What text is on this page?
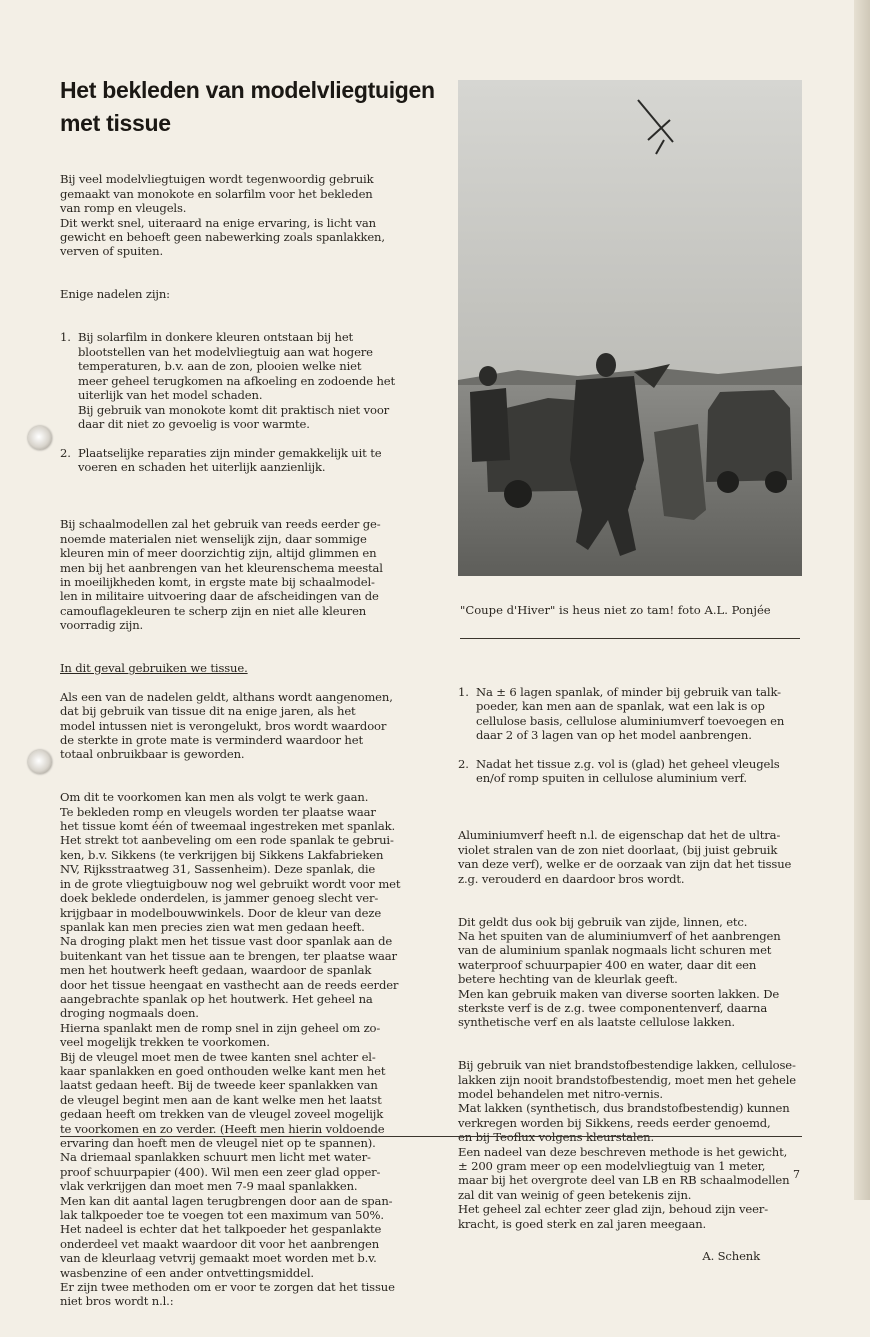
Het bekleden van modelvliegtuigen met tissue

Bij veel modelvliegtuigen wordt tegenwoordig gebruik
gemaakt van monokote en solarfilm voor het bekleden
van romp en vleugels.
Dit werkt snel, uiteraard na enige ervaring, is licht van
gewicht en behoeft geen nabewerking zoals spanlakken,
verven of spuiten.

Enige nadelen zijn:

1. Bij solarfilm in donkere kleuren ontstaan bij het
blootstellen van het modelvliegtuig aan wat hogere
temperaturen, b.v. aan de zon, plooien welke niet
meer geheel terugkomen na afkoeling en zodoende het
uiterlijk van het model schaden.
Bij gebruik van monokote komt dit praktisch niet voor
daar dit niet zo gevoelig is voor warmte.

2. Plaatselijke reparaties zijn minder gemakkelijk uit te
voeren en schaden het uiterlijk aanzienlijk.

Bij schaalmodellen zal het gebruik van reeds eerder ge-
noemde materialen niet wenselijk zijn, daar sommige
kleuren min of meer doorzichtig zijn, altijd glimmen en
men bij het aanbrengen van het kleurenschema meestal
in moeilijkheden komt, in ergste mate bij schaalmodel-
len in militaire uitvoering daar de afscheidingen van de
camouflagekleuren te scherp zijn en niet alle kleuren
voorradig zijn.

In dit geval gebruiken we tissue.

Als een van de nadelen geldt, althans wordt aangenomen,
dat bij gebruik van tissue dit na enige jaren, als het
model intussen niet is verongelukt, bros wordt waardoor
de sterkte in grote mate is verminderd waardoor het
totaal onbruikbaar is geworden.

Om dit te voorkomen kan men als volgt te werk gaan.
Te bekleden romp en vleugels worden ter plaatse waar
het tissue komt één of tweemaal ingestreken met spanlak.
Het strekt tot aanbeveling om een rode spanlak te gebrui-
ken, b.v. Sikkens (te verkrijgen bij Sikkens Lakfabrieken
NV, Rijksstraatweg 31, Sassenheim). Deze spanlak, die
in de grote vliegtuigbouw nog wel gebruikt wordt voor met
doek beklede onderdelen, is jammer genoeg slecht ver-
krijgbaar in modelbouwwinkels. Door de kleur van deze
spanlak kan men precies zien wat men gedaan heeft.
Na droging plakt men het tissue vast door spanlak aan de
buitenkant van het tissue aan te brengen, ter plaatse waar
men het houtwerk heeft gedaan, waardoor de spanlak
door het tissue heengaat en vasthecht aan de reeds eerder
aangebrachte spanlak op het houtwerk. Het geheel na
droging nogmaals doen.
Hierna spanlakt men de romp snel in zijn geheel om zo-
veel mogelijk trekken te voorkomen.
Bij de vleugel moet men de twee kanten snel achter el-
kaar spanlakken en goed onthouden welke kant men het
laatst gedaan heeft. Bij de tweede keer spanlakken van
de vleugel begint men aan de kant welke men het laatst
gedaan heeft om trekken van de vleugel zoveel mogelijk
te voorkomen en zo verder. (Heeft men hierin voldoende
ervaring dan hoeft men de vleugel niet op te spannen).
Na driemaal spanlakken schuurt men licht met water-
proof schuurpapier (400). Wil men een zeer glad opper-
vlak verkrijgen dan moet men 7-9 maal spanlakken.
Men kan dit aantal lagen terugbrengen door aan de span-
lak talkpoeder toe te voegen tot een maximum van 50%.
Het nadeel is echter dat het talkpoeder het gespanlakte
onderdeel vet maakt waardoor dit voor het aanbrengen
van de kleurlaag vetvrij gemaakt moet worden met b.v.
wasbenzine of een ander ontvettingsmiddel.
Er zijn twee methoden om er voor te zorgen dat het tissue
niet bros wordt n.l.:

"Coupe d'Hiver" is heus niet zo tam! foto A.L. Ponjée

1. Na ± 6 lagen spanlak, of minder bij gebruik van talk-
poeder, kan men aan de spanlak, wat een lak is op
cellulose basis, cellulose aluminiumverf toevoegen en
daar 2 of 3 lagen van op het model aanbrengen.

2. Nadat het tissue z.g. vol is (glad) het geheel vleugels
en/of romp spuiten in cellulose aluminium verf.

Aluminiumverf heeft n.l. de eigenschap dat het de ultra-
violet stralen van de zon niet doorlaat, (bij juist gebruik
van deze verf), welke er de oorzaak van zijn dat het tissue
z.g. verouderd en daardoor bros wordt.

Dit geldt dus ook bij gebruik van zijde, linnen, etc.
Na het spuiten van de aluminiumverf of het aanbrengen
van de aluminium spanlak nogmaals licht schuren met
waterproof schuurpapier 400 en water, daar dit een
betere hechting van de kleurlak geeft.
Men kan gebruik maken van diverse soorten lakken. De
sterkste verf is de z.g. twee componentenverf, daarna
synthetische verf en als laatste cellulose lakken.

Bij gebruik van niet brandstofbestendige lakken, cellulose-
lakken zijn nooit brandstofbestendig, moet men het gehele
model behandelen met nitro-vernis.
Mat lakken (synthetisch, dus brandstofbestendig) kunnen
verkregen worden bij Sikkens, reeds eerder genoemd,
en bij Teoflux volgens kleurstalen.
Een nadeel van deze beschreven methode is het gewicht,
± 200 gram meer op een modelvliegtuig van 1 meter,
maar bij het overgrote deel van LB en RB schaalmodellen
zal dit van weinig of geen betekenis zijn.
Het geheel zal echter zeer glad zijn, behoud zijn veer-
kracht, is goed sterk en zal jaren meegaan.

A. Schenk

7
